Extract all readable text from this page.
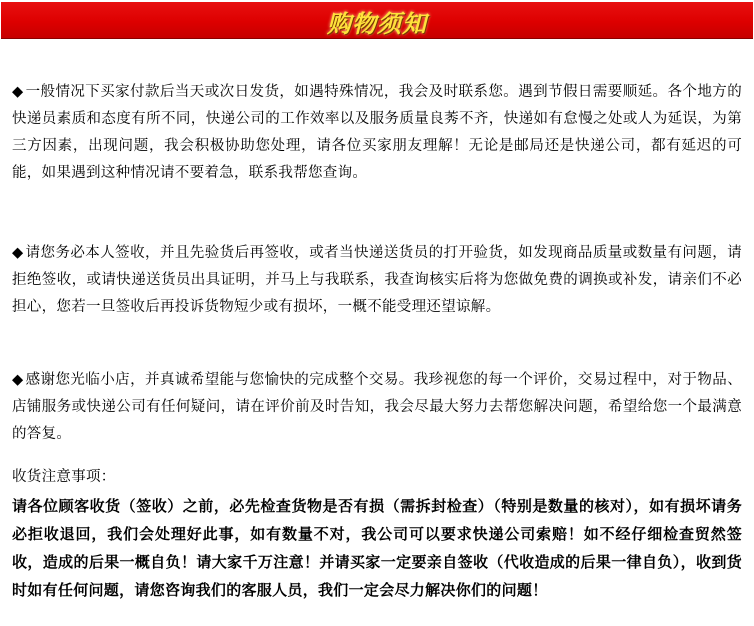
购物须知

◆ 一般情况下买家付款后当天或次日发货，如遇特殊情况，我会及时联系您。遇到节假日需要顺延。各个地方的快递员素质和态度有所不同，快递公司的工作效率以及服务质量良莠不齐，快递如有怠慢之处或人为延误，为第三方因素，出现问题，我会积极协助您处理，请各位买家朋友理解！无论是邮局还是快递公司，都有延迟的可能，如果遇到这种情况请不要着急，联系我帮您查询。

◆ 请您务必本人签收，并且先验货后再签收，或者当快递送货员的打开验货，如发现商品质量或数量有问题，请拒绝签收，或请快递送货员出具证明，并马上与我联系，我查询核实后将为您做免费的调换或补发，请亲们不必担心，您若一旦签收后再投诉货物短少或有损坏，一概不能受理还望谅解。

◆ 感谢您光临小店，并真诚希望能与您愉快的完成整个交易。我珍视您的每一个评价，交易过程中，对于物品、店铺服务或快递公司有任何疑问，请在评价前及时告知，我会尽最大努力去帮您解决问题，希望给您一个最满意的答复。

收货注意事项：

请各位顾客收货（签收）之前，必先检查货物是否有损（需拆封检查）（特别是数量的核对），如有损坏请务必拒收退回，我们会处理好此事，如有数量不对，我公司可以要求快递公司索赔！如不经仔细检查贸然签收，造成的后果一概自负！请大家千万注意！并请买家一定要亲自签收（代收造成的后果一律自负），收到货时如有任何问题，请您咨询我们的客服人员，我们一定会尽力解决你们的问题！
